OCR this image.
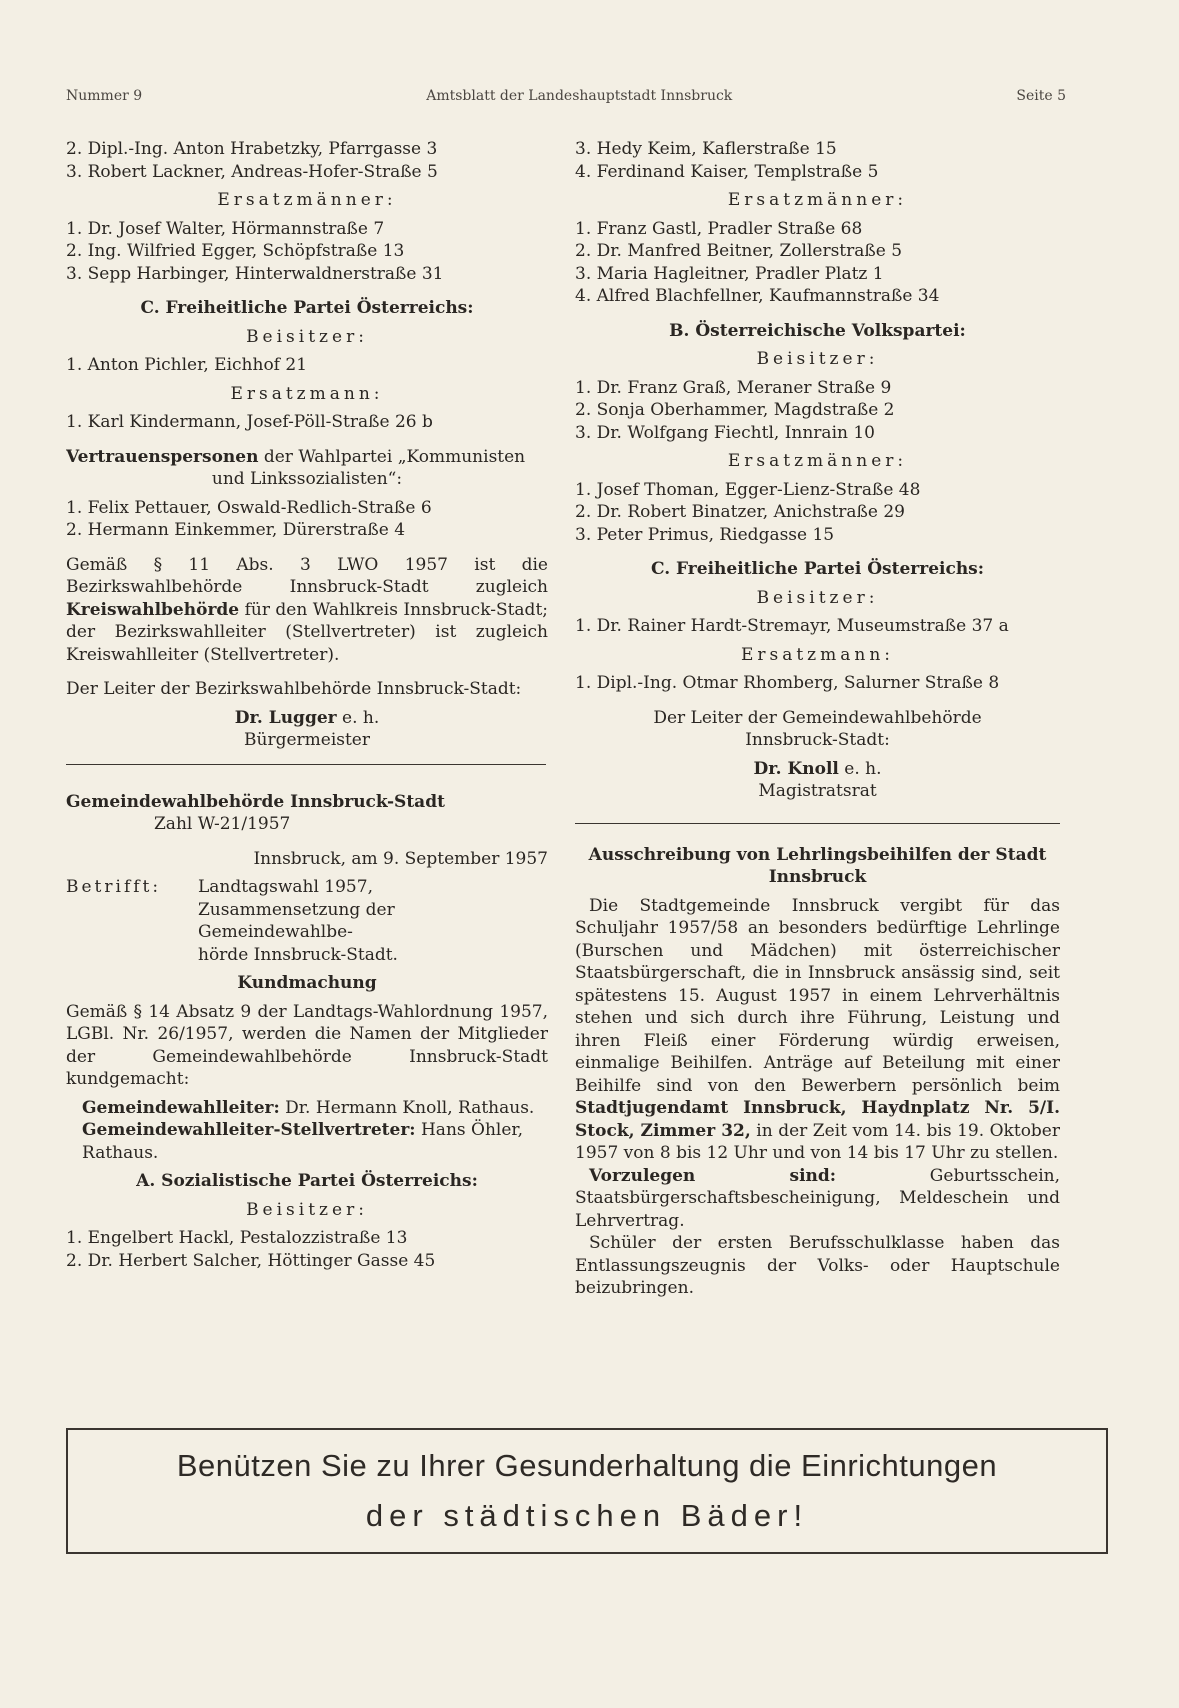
Nummer 9	Amtsblatt der Landeshauptstadt Innsbruck	Seite 5
2. Dipl.-Ing. Anton Hrabetzky, Pfarrgasse 3
3. Robert Lackner, Andreas-Hofer-Straße 5
Ersatzmänner:
1. Dr. Josef Walter, Hörmannstraße 7
2. Ing. Wilfried Egger, Schöpfstraße 13
3. Sepp Harbinger, Hinterwaldnerstraße 31
C. Freiheitliche Partei Österreichs:
Beisitzer:
1. Anton Pichler, Eichhof 21
Ersatzmann:
1. Karl Kindermann, Josef-Pöll-Straße 26 b
Vertrauenspersonen der Wahlpartei „Kommunisten
und Linkssozialisten“:
1. Felix Pettauer, Oswald-Redlich-Straße 6
2. Hermann Einkemmer, Dürerstraße 4
Gemäß § 11 Abs. 3 LWO 1957 ist die Bezirkswahlbehörde Innsbruck-Stadt zugleich Kreiswahlbehörde für den Wahlkreis Innsbruck-Stadt; der Bezirkswahlleiter (Stellvertreter) ist zugleich Kreiswahlleiter (Stellvertreter).
Der Leiter der Bezirkswahlbehörde Innsbruck-Stadt:
Dr. Lugger e. h.
Bürgermeister
Gemeindewahlbehörde Innsbruck-Stadt
Zahl W-21/1957
Innsbruck, am 9. September 1957
Betrifft:	Landtagswahl 1957,
Zusammensetzung der Gemeindewahlbe-
hörde Innsbruck-Stadt.
Kundmachung
Gemäß § 14 Absatz 9 der Landtags-Wahlordnung 1957, LGBl. Nr. 26/1957, werden die Namen der Mitglieder der Gemeindewahlbehörde Innsbruck-Stadt kundgemacht:
Gemeindewahlleiter: Dr. Hermann Knoll, Rathaus.
Gemeindewahlleiter-Stellvertreter: Hans Öhler, Rathaus.
A. Sozialistische Partei Österreichs:
Beisitzer:
1. Engelbert Hackl, Pestalozzistraße 13
2. Dr. Herbert Salcher, Höttinger Gasse 45
3. Hedy Keim, Kaflerstraße 15
4. Ferdinand Kaiser, Templstraße 5
Ersatzmänner:
1. Franz Gastl, Pradler Straße 68
2. Dr. Manfred Beitner, Zollerstraße 5
3. Maria Hagleitner, Pradler Platz 1
4. Alfred Blachfellner, Kaufmannstraße 34
B. Österreichische Volkspartei:
Beisitzer:
1. Dr. Franz Graß, Meraner Straße 9
2. Sonja Oberhammer, Magdstraße 2
3. Dr. Wolfgang Fiechtl, Innrain 10
Ersatzmänner:
1. Josef Thoman, Egger-Lienz-Straße 48
2. Dr. Robert Binatzer, Anichstraße 29
3. Peter Primus, Riedgasse 15
C. Freiheitliche Partei Österreichs:
Beisitzer:
1. Dr. Rainer Hardt-Stremayr, Museumstraße 37 a
Ersatzmann:
1. Dipl.-Ing. Otmar Rhomberg, Salurner Straße 8
Der Leiter der Gemeindewahlbehörde
Innsbruck-Stadt:
Dr. Knoll e. h.
Magistratsrat
Ausschreibung von Lehrlingsbeihilfen der Stadt
Innsbruck
Die Stadtgemeinde Innsbruck vergibt für das Schuljahr 1957/58 an besonders bedürftige Lehrlinge (Burschen und Mädchen) mit österreichischer Staatsbürgerschaft, die in Innsbruck ansässig sind, seit spätestens 15. August 1957 in einem Lehrverhältnis stehen und sich durch ihre Führung, Leistung und ihren Fleiß einer Förderung würdig erweisen, einmalige Beihilfen. Anträge auf Beteilung mit einer Beihilfe sind von den Bewerbern persönlich beim Stadtjugendamt Innsbruck, Haydnplatz Nr. 5/I. Stock, Zimmer 32, in der Zeit vom 14. bis 19. Oktober 1957 von 8 bis 12 Uhr und von 14 bis 17 Uhr zu stellen.
Vorzulegen sind: Geburtsschein, Staatsbürgerschaftsbescheinigung, Meldeschein und Lehrvertrag.
Schüler der ersten Berufsschulklasse haben das Entlassungszeugnis der Volks- oder Hauptschule beizubringen.
Benützen Sie zu Ihrer Gesunderhaltung die Einrichtungen
der städtischen Bäder!
